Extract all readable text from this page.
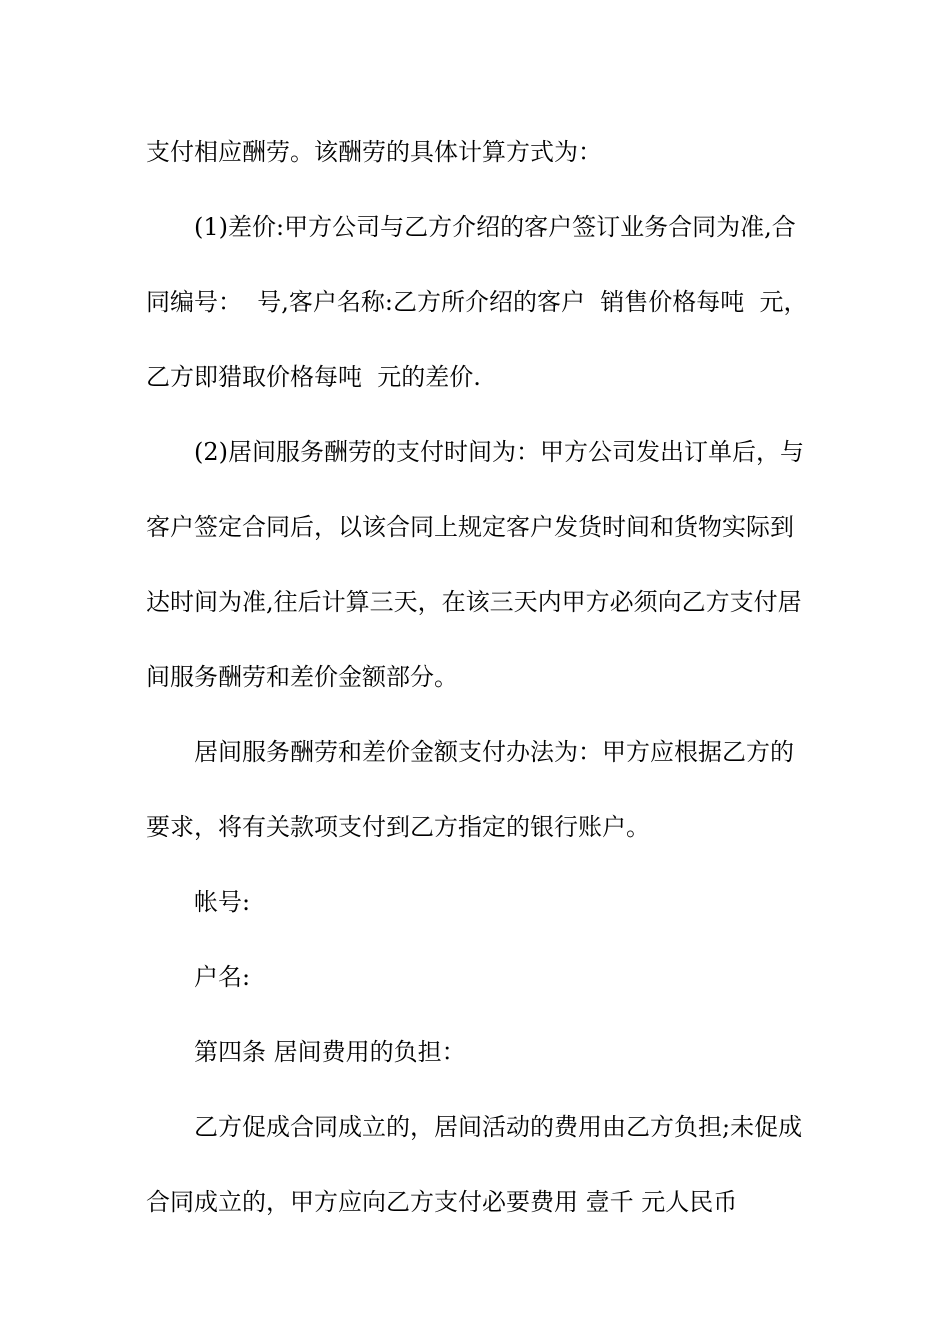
支付相应酬劳。该酬劳的具体计算方式为：
(1)差价:甲方公司与乙方介绍的客户签订业务合同为准,合
同编号：  号,客户名称:乙方所介绍的客户  销售价格每吨  元，
乙方即猎取价格每吨  元的差价.
(2)居间服务酬劳的支付时间为：甲方公司发出订单后，与
客户签定合同后，以该合同上规定客户发货时间和货物实际到
达时间为准,往后计算三天，在该三天内甲方必须向乙方支付居
间服务酬劳和差价金额部分。
居间服务酬劳和差价金额支付办法为：甲方应根据乙方的
要求，将有关款项支付到乙方指定的银行账户。
帐号:
户名:
第四条 居间费用的负担：
乙方促成合同成立的，居间活动的费用由乙方负担;未促成
合同成立的，甲方应向乙方支付必要费用 壹千 元人民币
